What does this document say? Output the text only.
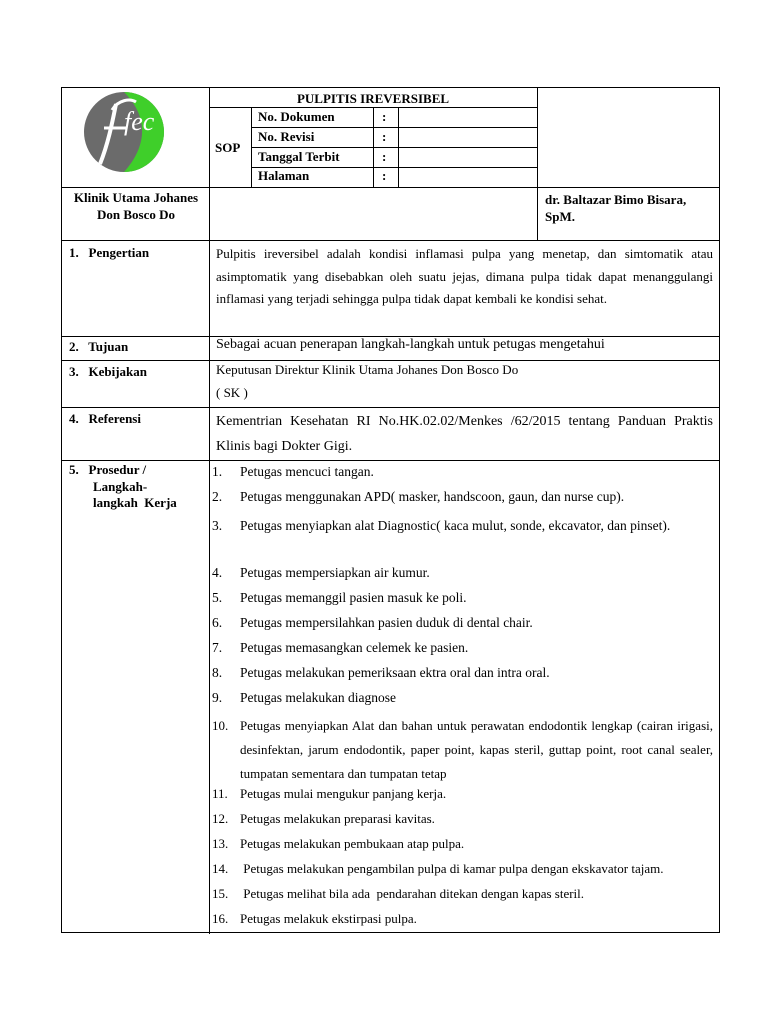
fec
PULPITIS IREVERSIBEL
SOP
No. Dokumen	:
No. Revisi	:
Tanggal Terbit	:
Halaman	:
Klinik Utama Johanes Don Bosco Do
dr. Baltazar Bimo Bisara, SpM.
1.   Pengertian	Pulpitis ireversibel adalah kondisi inflamasi pulpa yang menetap, dan simtomatik atau asimptomatik yang disebabkan oleh suatu jejas, dimana pulpa tidak dapat menanggulangi inflamasi yang terjadi sehingga pulpa tidak dapat kembali ke kondisi sehat.
2.   Tujuan	Sebagai acuan penerapan langkah-langkah untuk petugas mengetahui
3.   Kebijakan	Keputusan Direktur Klinik Utama Johanes Don Bosco Do
( SK )
4.   Referensi	Kementrian Kesehatan RI No.HK.02.02/Menkes /62/2015 tentang Panduan Praktis Klinis bagi Dokter Gigi.
5.   Prosedur /
Langkah-
langkah  Kerja
1. Petugas mencuci tangan.
2. Petugas menggunakan APD( masker, handscoon, gaun, dan nurse cup).
3. Petugas menyiapkan alat Diagnostic( kaca mulut, sonde, ekcavator, dan pinset).
4. Petugas mempersiapkan air kumur.
5. Petugas memanggil pasien masuk ke poli.
6. Petugas mempersilahkan pasien duduk di dental chair.
7. Petugas memasangkan celemek ke pasien.
8. Petugas melakukan pemeriksaan ektra oral dan intra oral.
9. Petugas melakukan diagnose
10. Petugas menyiapkan Alat dan bahan untuk perawatan endodontik lengkap (cairan irigasi, desinfektan, jarum endodontik, paper point, kapas steril, guttap point, root canal sealer, tumpatan sementara dan tumpatan tetap
11. Petugas mulai mengukur panjang kerja.
12. Petugas melakukan preparasi kavitas.
13. Petugas melakukan pembukaan atap pulpa.
14. Petugas melakukan pengambilan pulpa di kamar pulpa dengan ekskavator tajam.
15. Petugas melihat bila ada  pendarahan ditekan dengan kapas steril.
16. Petugas melakuk ekstirpasi pulpa.
